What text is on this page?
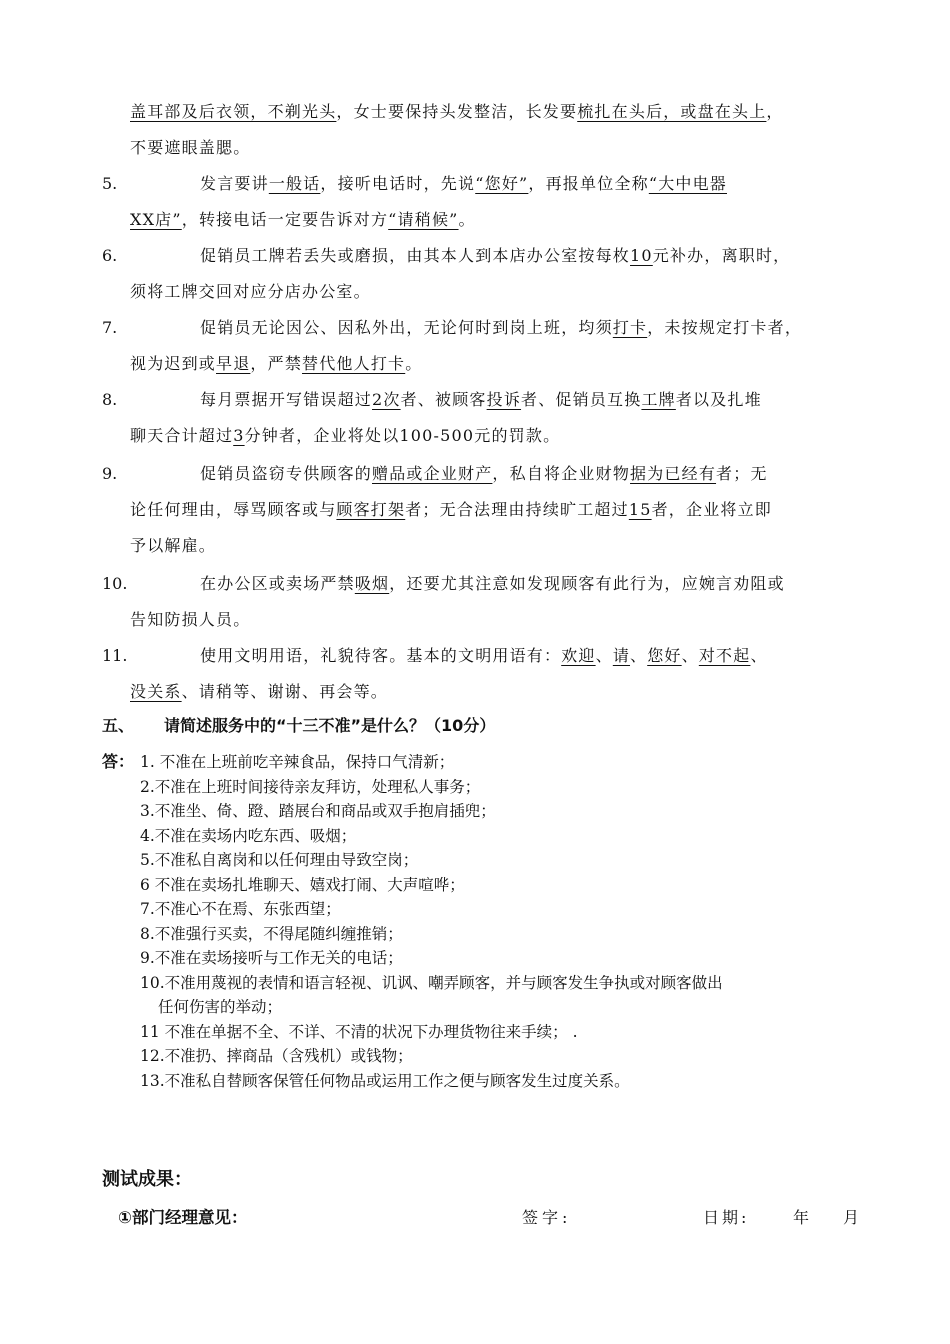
盖耳部及后衣领，不剃光头，女士要保持头发整洁，长发要梳扎在头后，或盘在头上，
不要遮眼盖腮。
5.	发言要讲一般话，接听电话时，先说“您好”，再报单位全称“大中电器
XX店”，转接电话一定要告诉对方“请稍候”。
6.	促销员工牌若丢失或磨损，由其本人到本店办公室按每枚10元补办，离职时，
须将工牌交回对应分店办公室。
7.	促销员无论因公、因私外出，无论何时到岗上班，均须打卡，未按规定打卡者，
视为迟到或早退，严禁替代他人打卡。
8.	每月票据开写错误超过2次者、被顾客投诉者、促销员互换工牌者以及扎堆
聊天合计超过3分钟者，企业将处以100-500元的罚款。
9.	促销员盗窃专供顾客的赠品或企业财产，私自将企业财物据为已经有者；无
论任何理由，辱骂顾客或与顾客打架者；无合法理由持续旷工超过15者，企业将立即
予以解雇。
10.	在办公区或卖场严禁吸烟，还要尤其注意如发现顾客有此行为，应婉言劝阻或
告知防损人员。
11.	使用文明用语，礼貌待客。基本的文明用语有：欢迎、请、您好、对不起、
没关系、请稍等、谢谢、再会等。
五、 请简述服务中的“十三不准”是什么？（10分）
答： 1. 不准在上班前吃辛辣食品，保持口气清新；
2.不准在上班时间接待亲友拜访，处理私人事务；
3.不准坐、倚、蹬、踏展台和商品或双手抱肩插兜；
4.不准在卖场内吃东西、吸烟；
5.不准私自离岗和以任何理由导致空岗；
6 不准在卖场扎堆聊天、嬉戏打闹、大声喧哗；
7.不准心不在焉、东张西望；
8.不准强行买卖，不得尾随纠缠推销；
9.不准在卖场接听与工作无关的电话；
10.不准用蔑视的表情和语言轻视、讥讽、嘲弄顾客，并与顾客发生争执或对顾客做出
任何伤害的举动；
11 不准在单据不全、不详、不清的状况下办理货物往来手续； .
12.不准扔、摔商品（含残机）或钱物；
13.不准私自替顾客保管任何物品或运用工作之便与顾客发生过度关系。
测试成果：
①部门经理意见：	签字:	日期:	年 月
